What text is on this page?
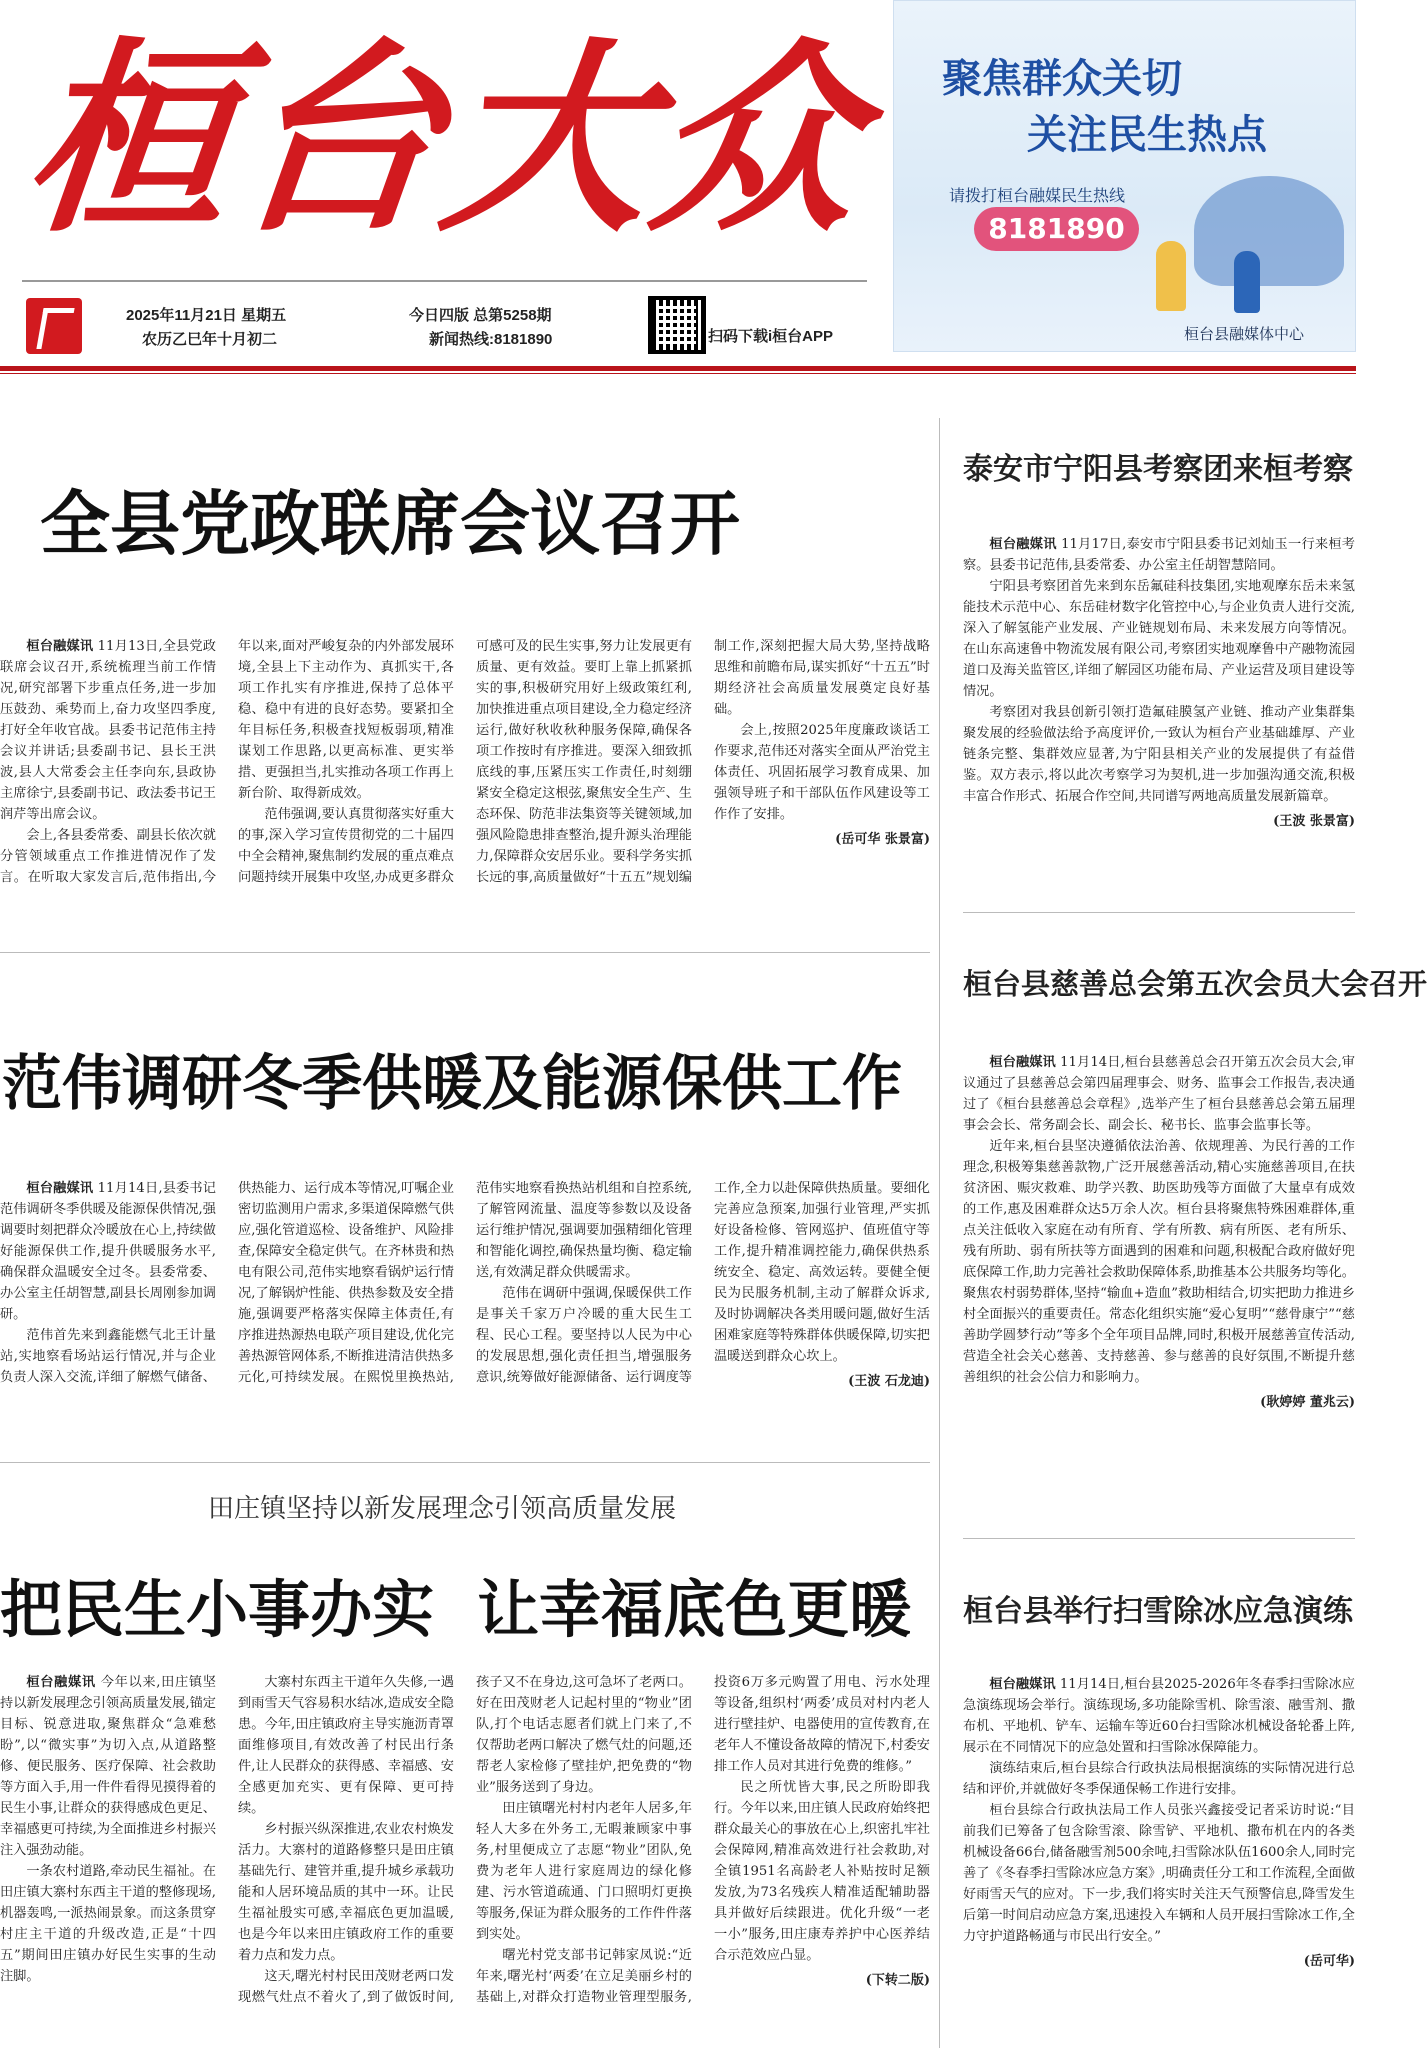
桓台大众
2025年11月21日 星期五
农历乙巳年十月初二
今日四版 总第5258期
新闻热线:8181890	扫码下载i桓台APP
聚焦群众关切
关注民生热点
请拨打桓台融媒民生热线
8181890
桓台县融媒体中心
全县党政联席会议召开

桓台融媒讯 11月13日,全县党政联席会议召开,系统梳理当前工作情况,研究部署下步重点任务,进一步加压鼓劲、乘势而上,奋力攻坚四季度,打好全年收官战。县委书记范伟主持会议并讲话;县委副书记、县长王洪波,县人大常委会主任李向东,县政协主席徐宁,县委副书记、政法委书记王润芹等出席会议。

会上,各县委常委、副县长依次就分管领域重点工作推进情况作了发言。在听取大家发言后,范伟指出,今年以来,面对严峻复杂的内外部发展环境,全县上下主动作为、真抓实干,各项工作扎实有序推进,保持了总体平稳、稳中有进的良好态势。要紧扣全年目标任务,积极查找短板弱项,精准谋划工作思路,以更高标准、更实举措、更强担当,扎实推动各项工作再上新台阶、取得新成效。

范伟强调,要认真贯彻落实好重大的事,深入学习宣传贯彻党的二十届四中全会精神,聚焦制约发展的重点难点问题持续开展集中攻坚,办成更多群众可感可及的民生实事,努力让发展更有质量、更有效益。要盯上靠上抓紧抓实的事,积极研究用好上级政策红利,加快推进重点项目建设,全力稳定经济运行,做好秋收秋种服务保障,确保各项工作按时有序推进。要深入细致抓底线的事,压紧压实工作责任,时刻绷紧安全稳定这根弦,聚焦安全生产、生态环保、防范非法集资等关键领域,加强风险隐患排查整治,提升源头治理能力,保障群众安居乐业。要科学务实抓长远的事,高质量做好“十五五”规划编制工作,深刻把握大局大势,坚持战略思维和前瞻布局,谋实抓好“十五五”时期经济社会高质量发展奠定良好基础。

会上,按照2025年度廉政谈话工作要求,范伟还对落实全面从严治党主体责任、巩固拓展学习教育成果、加强领导班子和干部队伍作风建设等工作作了安排。

(岳可华 张景富)
范伟调研冬季供暖及能源保供工作

桓台融媒讯 11月14日,县委书记范伟调研冬季供暖及能源保供情况,强调要时刻把群众冷暖放在心上,持续做好能源保供工作,提升供暖服务水平,确保群众温暖安全过冬。县委常委、办公室主任胡智慧,副县长周刚参加调研。

范伟首先来到鑫能燃气北王计量站,实地察看场站运行情况,并与企业负责人深入交流,详细了解燃气储备、供热能力、运行成本等情况,叮嘱企业密切监测用户需求,多渠道保障燃气供应,强化管道巡检、设备维护、风险排查,保障安全稳定供气。在齐林贵和热电有限公司,范伟实地察看锅炉运行情况,了解锅炉性能、供热参数及安全措施,强调要严格落实保障主体责任,有序推进热源热电联产项目建设,优化完善热源管网体系,不断推进清洁供热多元化,可持续发展。在熙悦里换热站,范伟实地察看换热站机组和自控系统,了解管网流量、温度等参数以及设备运行维护情况,强调要加强精细化管理和智能化调控,确保热量均衡、稳定输送,有效满足群众供暖需求。

范伟在调研中强调,保暖保供工作是事关千家万户冷暖的重大民生工程、民心工程。要坚持以人民为中心的发展思想,强化责任担当,增强服务意识,统筹做好能源储备、运行调度等工作,全力以赴保障供热质量。要细化完善应急预案,加强行业管理,严实抓好设备检修、管网巡护、值班值守等工作,提升精准调控能力,确保供热系统安全、稳定、高效运转。要健全便民为民服务机制,主动了解群众诉求,及时协调解决各类用暖问题,做好生活困难家庭等特殊群体供暖保障,切实把温暖送到群众心坎上。

(王波 石龙迪)
田庄镇坚持以新发展理念引领高质量发展
把民生小事办实  让幸福底色更暖

桓台融媒讯 今年以来,田庄镇坚持以新发展理念引领高质量发展,锚定目标、锐意进取,聚焦群众“急难愁盼”,以“微实事”为切入点,从道路整修、便民服务、医疗保障、社会救助等方面入手,用一件件看得见摸得着的民生小事,让群众的获得感成色更足、幸福感更可持续,为全面推进乡村振兴注入强劲动能。

一条农村道路,牵动民生福祉。在田庄镇大寨村东西主干道的整修现场,机器轰鸣,一派热闹景象。而这条贯穿村庄主干道的升级改造,正是“十四五”期间田庄镇办好民生实事的生动注脚。

大寨村东西主干道年久失修,一遇到雨雪天气容易积水结冰,造成安全隐患。今年,田庄镇政府主导实施沥青罩面维修项目,有效改善了村民出行条件,让人民群众的获得感、幸福感、安全感更加充实、更有保障、更可持续。

乡村振兴纵深推进,农业农村焕发活力。大寨村的道路修整只是田庄镇基础先行、建管并重,提升城乡承载功能和人居环境品质的其中一环。让民生福祉殷实可感,幸福底色更加温暖,也是今年以来田庄镇政府工作的重要着力点和发力点。

这天,曙光村村民田茂财老两口发现燃气灶点不着火了,到了做饭时间,孩子又不在身边,这可急坏了老两口。好在田茂财老人记起村里的“物业”团队,打个电话志愿者们就上门来了,不仅帮助老两口解决了燃气灶的问题,还帮老人家检修了壁挂炉,把免费的“物业”服务送到了身边。

田庄镇曙光村村内老年人居多,年轻人大多在外务工,无暇兼顾家中事务,村里便成立了志愿“物业”团队,免费为老年人进行家庭周边的绿化修建、污水管道疏通、门口照明灯更换等服务,保证为群众服务的工作件件落到实处。

曙光村党支部书记韩家凤说:“近年来,曙光村‘两委’在立足美丽乡村的基础上,对群众打造物业管理型服务,投资6万多元购置了用电、污水处理等设备,组织村‘两委’成员对村内老人进行壁挂炉、电器使用的宣传教育,在老年人不懂设备故障的情况下,村委安排工作人员对其进行免费的维修。”

民之所忧皆大事,民之所盼即我行。今年以来,田庄镇人民政府始终把群众最关心的事放在心上,织密扎牢社会保障网,精准高效进行社会救助,对全镇1951名高龄老人补贴按时足额发放,为73名残疾人精准适配辅助器具并做好后续跟进。优化升级“一老一小”服务,田庄康寿养护中心医养结合示范效应凸显。

(下转二版)
泰安市宁阳县考察团来桓考察

桓台融媒讯 11月17日,泰安市宁阳县委书记刘灿玉一行来桓考察。县委书记范伟,县委常委、办公室主任胡智慧陪同。

宁阳县考察团首先来到东岳氟硅科技集团,实地观摩东岳未来氢能技术示范中心、东岳硅材数字化管控中心,与企业负责人进行交流,深入了解氢能产业发展、产业链规划布局、未来发展方向等情况。在山东高速鲁中物流发展有限公司,考察团实地观摩鲁中产融物流园道口及海关监管区,详细了解园区功能布局、产业运营及项目建设等情况。

考察团对我县创新引领打造氟硅膜氢产业链、推动产业集群集聚发展的经验做法给予高度评价,一致认为桓台产业基础雄厚、产业链条完整、集群效应显著,为宁阳县相关产业的发展提供了有益借鉴。双方表示,将以此次考察学习为契机,进一步加强沟通交流,积极丰富合作形式、拓展合作空间,共同谱写两地高质量发展新篇章。

(王波 张景富)
桓台县慈善总会第五次会员大会召开

桓台融媒讯 11月14日,桓台县慈善总会召开第五次会员大会,审议通过了县慈善总会第四届理事会、财务、监事会工作报告,表决通过了《桓台县慈善总会章程》,选举产生了桓台县慈善总会第五届理事会会长、常务副会长、副会长、秘书长、监事会监事长等。

近年来,桓台县坚决遵循依法治善、依规理善、为民行善的工作理念,积极筹集慈善款物,广泛开展慈善活动,精心实施慈善项目,在扶贫济困、赈灾救难、助学兴教、助医助残等方面做了大量卓有成效的工作,惠及困难群众达5万余人次。桓台县将聚焦特殊困难群体,重点关注低收入家庭在动有所育、学有所教、病有所医、老有所乐、残有所助、弱有所扶等方面遇到的困难和问题,积极配合政府做好兜底保障工作,助力完善社会救助保障体系,助推基本公共服务均等化。聚焦农村弱势群体,坚持“输血+造血”救助相结合,切实把助力推进乡村全面振兴的重要责任。常态化组织实施“爱心复明”“慈骨康宁”“慈善助学圆梦行动”等多个全年项目品牌,同时,积极开展慈善宣传活动,营造全社会关心慈善、支持慈善、参与慈善的良好氛围,不断提升慈善组织的社会公信力和影响力。

(耿婷婷 董兆云)
桓台县举行扫雪除冰应急演练

桓台融媒讯 11月14日,桓台县2025-2026年冬春季扫雪除冰应急演练现场会举行。演练现场,多功能除雪机、除雪滚、融雪剂、撒布机、平地机、铲车、运输车等近60台扫雪除冰机械设备轮番上阵,展示在不同情况下的应急处置和扫雪除冰保障能力。

演练结束后,桓台县综合行政执法局根据演练的实际情况进行总结和评价,并就做好冬季保通保畅工作进行安排。

桓台县综合行政执法局工作人员张兴鑫接受记者采访时说:“目前我们已筹备了包含除雪滚、除雪铲、平地机、撒布机在内的各类机械设备66台,储备融雪剂500余吨,扫雪除冰队伍1600余人,同时完善了《冬春季扫雪除冰应急方案》,明确责任分工和工作流程,全面做好雨雪天气的应对。下一步,我们将实时关注天气预警信息,降雪发生后第一时间启动应急方案,迅速投入车辆和人员开展扫雪除冰工作,全力守护道路畅通与市民出行安全。”

(岳可华)
